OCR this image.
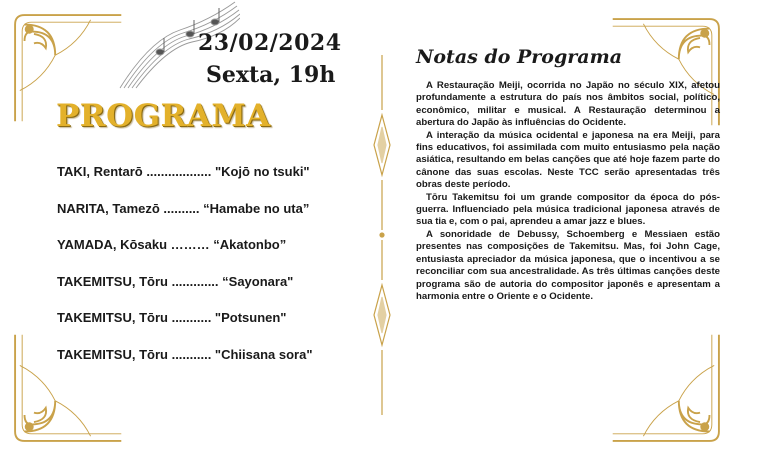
23/02/2024
Sexta, 19h
PROGRAMA
TAKI, Rentarō .................. "Kojō no tsuki"
NARITA, Tamezō .......... “Hamabe no uta”
YAMADA, Kōsaku ……… “Akatonbo”
TAKEMITSU, Tōru ............. “Sayonara"
TAKEMITSU, Tōru ........... "Potsunen"
TAKEMITSU, Tōru ........... "Chiisana sora"
Notas do Programa

A Restauração Meiji, ocorrida no Japão no século XIX, afetou profundamente a estrutura do país nos âmbitos social, político, econômico, militar e musical. A Restauração determinou a abertura do Japão às influências do Ocidente.

A interação da música ocidental e japonesa na era Meiji, para fins educativos, foi assimilada com muito entusiasmo pela nação asiática, resultando em belas canções que até hoje fazem parte do cânone das suas escolas. Neste TCC serão apresentadas três obras deste período.

Tōru Takemitsu foi um grande compositor da época do pós-guerra. Influenciado pela música tradicional japonesa através de sua tia e, com o pai, aprendeu a amar jazz e blues.

A sonoridade de Debussy, Schoemberg e Messiaen estão presentes nas composições de Takemitsu. Mas, foi John Cage, entusiasta apreciador da música japonesa, que o incentivou a se reconciliar com sua ancestralidade. As três últimas canções deste programa são de autoria do compositor japonês e apresentam a harmonia entre o Oriente e o Ocidente.
